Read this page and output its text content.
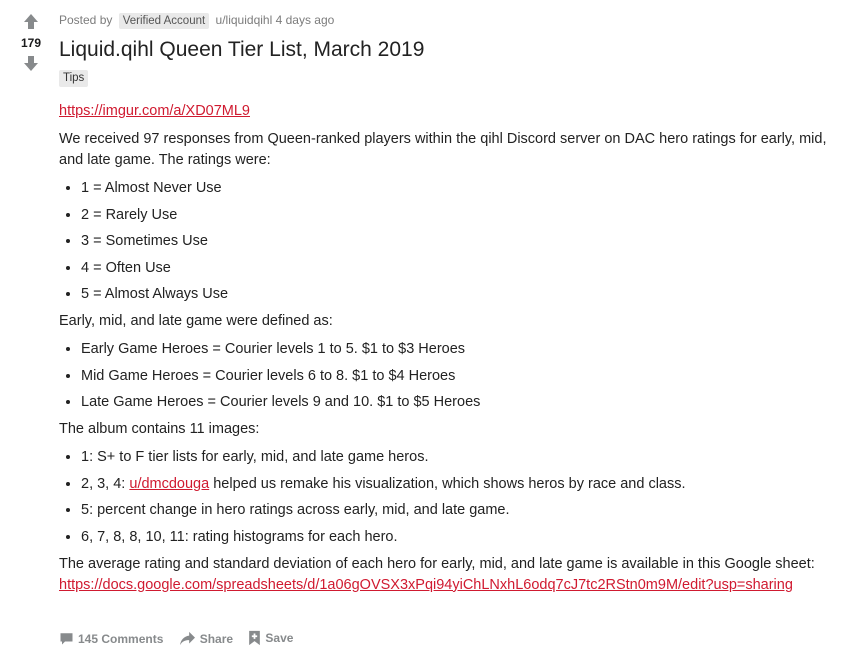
179
Posted by Verified Account u/liquidqihl 4 days ago
Liquid.qihl Queen Tier List, March 2019
Tips

https://imgur.com/a/XD07ML9

We received 97 responses from Queen-ranked players within the qihl Discord server on DAC hero ratings for early, mid, and late game. The ratings were:

• 1 = Almost Never Use
• 2 = Rarely Use
• 3 = Sometimes Use
• 4 = Often Use
• 5 = Almost Always Use

Early, mid, and late game were defined as:

• Early Game Heroes = Courier levels 1 to 5. $1 to $3 Heroes
• Mid Game Heroes = Courier levels 6 to 8. $1 to $4 Heroes
• Late Game Heroes = Courier levels 9 and 10. $1 to $5 Heroes

The album contains 11 images:

• 1: S+ to F tier lists for early, mid, and late game heros.
• 2, 3, 4: u/dmcdouga helped us remake his visualization, which shows heros by race and class.
• 5: percent change in hero ratings across early, mid, and late game.
• 6, 7, 8, 8, 10, 11: rating histograms for each hero.

The average rating and standard deviation of each hero for early, mid, and late game is available in this Google sheet:
https://docs.google.com/spreadsheets/d/1a06gOVSX3xPqi94yiChLNxhL6odq7cJ7tc2RStn0m9M/edit?usp=sharing

145 Comments
	Share
	Save
